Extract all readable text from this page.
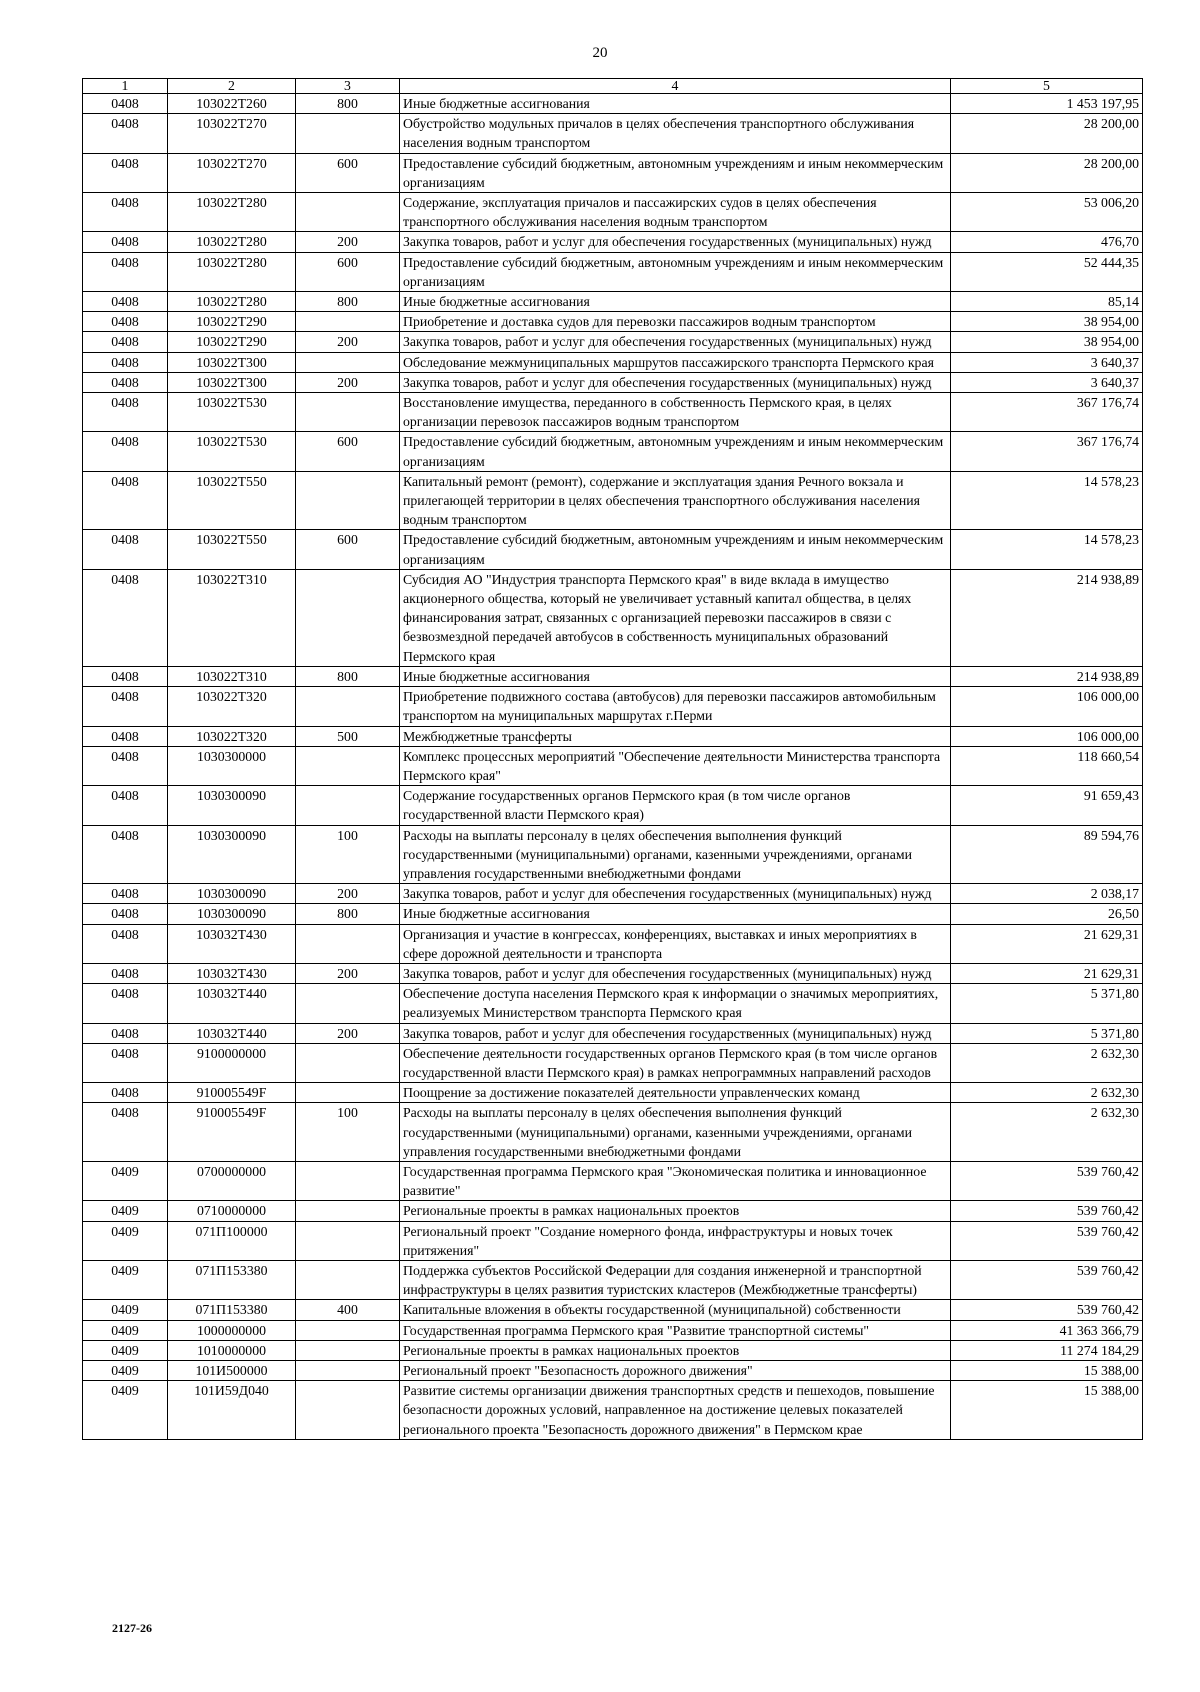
20
1	2	3	4	5
0408	103022Т260	800	Иные бюджетные ассигнования	1 453 197,95
0408	103022Т270		Обустройство модульных причалов в целях обеспечения транспортного обслуживания населения водным транспортом	28 200,00
0408	103022Т270	600	Предоставление субсидий бюджетным, автономным учреждениям и иным некоммерческим организациям	28 200,00
0408	103022Т280		Содержание, эксплуатация причалов и пассажирских судов в целях обеспечения транспортного обслуживания населения водным транспортом	53 006,20
0408	103022Т280	200	Закупка товаров, работ и услуг для обеспечения государственных (муниципальных) нужд	476,70
0408	103022Т280	600	Предоставление субсидий бюджетным, автономным учреждениям и иным некоммерческим организациям	52 444,35
0408	103022Т280	800	Иные бюджетные ассигнования	85,14
0408	103022Т290		Приобретение и доставка судов для перевозки пассажиров водным транспортом	38 954,00
0408	103022Т290	200	Закупка товаров, работ и услуг для обеспечения государственных (муниципальных) нужд	38 954,00
0408	103022Т300		Обследование межмуниципальных маршрутов пассажирского транспорта Пермского края	3 640,37
0408	103022Т300	200	Закупка товаров, работ и услуг для обеспечения государственных (муниципальных) нужд	3 640,37
0408	103022Т530		Восстановление имущества, переданного в собственность Пермского края, в целях организации перевозок пассажиров водным транспортом	367 176,74
0408	103022Т530	600	Предоставление субсидий бюджетным, автономным учреждениям и иным некоммерческим организациям	367 176,74
0408	103022Т550		Капитальный ремонт (ремонт), содержание и эксплуатация здания Речного вокзала и прилегающей территории в целях обеспечения транспортного обслуживания населения водным транспортом	14 578,23
0408	103022Т550	600	Предоставление субсидий бюджетным, автономным учреждениям и иным некоммерческим организациям	14 578,23
0408	103022Т310		Субсидия АО "Индустрия транспорта Пермского края" в виде вклада в имущество акционерного общества, который не увеличивает уставный капитал общества, в целях финансирования затрат, связанных с организацией перевозки пассажиров в связи с безвозмездной передачей автобусов в собственность муниципальных образований Пермского края	214 938,89
0408	103022Т310	800	Иные бюджетные ассигнования	214 938,89
0408	103022Т320		Приобретение подвижного состава (автобусов) для перевозки пассажиров автомобильным транспортом на муниципальных маршрутах г.Перми	106 000,00
0408	103022Т320	500	Межбюджетные трансферты	106 000,00
0408	1030300000		Комплекс процессных мероприятий "Обеспечение деятельности Министерства транспорта Пермского края"	118 660,54
0408	1030300090		Содержание государственных органов Пермского края (в том числе органов государственной власти Пермского края)	91 659,43
0408	1030300090	100	Расходы на выплаты персоналу в целях обеспечения выполнения функций государственными (муниципальными) органами, казенными учреждениями, органами управления государственными внебюджетными фондами	89 594,76
0408	1030300090	200	Закупка товаров, работ и услуг для обеспечения государственных (муниципальных) нужд	2 038,17
0408	1030300090	800	Иные бюджетные ассигнования	26,50
0408	103032Т430		Организация и участие в конгрессах, конференциях, выставках и иных мероприятиях в сфере дорожной деятельности и транспорта	21 629,31
0408	103032Т430	200	Закупка товаров, работ и услуг для обеспечения государственных (муниципальных) нужд	21 629,31
0408	103032Т440		Обеспечение доступа населения Пермского края к информации о значимых мероприятиях, реализуемых Министерством транспорта Пермского края	5 371,80
0408	103032Т440	200	Закупка товаров, работ и услуг для обеспечения государственных (муниципальных) нужд	5 371,80
0408	9100000000		Обеспечение деятельности государственных органов Пермского края (в том числе органов государственной власти Пермского края) в рамках непрограммных направлений расходов	2 632,30
0408	910005549F		Поощрение за достижение показателей деятельности управленческих команд	2 632,30
0408	910005549F	100	Расходы на выплаты персоналу в целях обеспечения выполнения функций государственными (муниципальными) органами, казенными учреждениями, органами управления государственными внебюджетными фондами	2 632,30
0409	0700000000		Государственная программа Пермского края "Экономическая политика и инновационное развитие"	539 760,42
0409	0710000000		Региональные проекты в рамках национальных проектов	539 760,42
0409	071П100000		Региональный проект "Создание номерного фонда, инфраструктуры и новых точек притяжения"	539 760,42
0409	071П153380		Поддержка субъектов Российской Федерации для создания инженерной и транспортной инфраструктуры в целях развития туристских кластеров (Межбюджетные трансферты)	539 760,42
0409	071П153380	400	Капитальные вложения в объекты государственной (муниципальной) собственности	539 760,42
0409	1000000000		Государственная программа Пермского края "Развитие транспортной системы"	41 363 366,79
0409	1010000000		Региональные проекты в рамках национальных проектов	11 274 184,29
0409	101И500000		Региональный проект "Безопасность дорожного движения"	15 388,00
0409	101И59Д040		Развитие системы организации движения транспортных средств и пешеходов, повышение безопасности дорожных условий, направленное на достижение целевых показателей регионального проекта "Безопасность дорожного движения" в Пермском крае	15 388,00
2127-26
